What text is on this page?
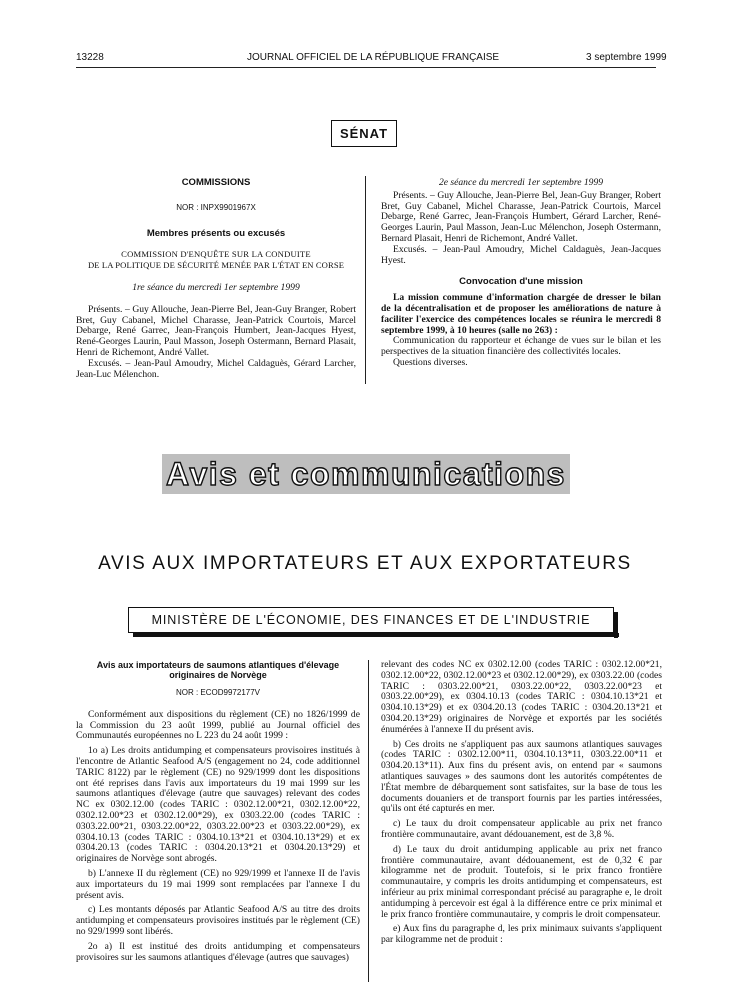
13228	JOURNAL OFFICIEL DE LA RÉPUBLIQUE FRANÇAISE	3 septembre 1999
SÉNAT
COMMISSIONS
NOR : INPX9901967X
Membres présents ou excusés
COMMISSION D'ENQUÊTE SUR LA CONDUITE
DE LA POLITIQUE DE SÉCURITÉ MENÉE PAR L'ÉTAT EN CORSE
1re séance du mercredi 1er septembre 1999

Présents. – Guy Allouche, Jean-Pierre Bel, Jean-Guy Branger, Robert Bret, Guy Cabanel, Michel Charasse, Jean-Patrick Courtois, Marcel Debarge, René Garrec, Jean-François Humbert, Jean-Jacques Hyest, René-Georges Laurin, Paul Masson, Joseph Ostermann, Bernard Plasait, Henri de Richemont, André Vallet.

Excusés. – Jean-Paul Amoudry, Michel Caldaguès, Gérard Larcher, Jean-Luc Mélenchon.

2e séance du mercredi 1er septembre 1999

Présents. – Guy Allouche, Jean-Pierre Bel, Jean-Guy Branger, Robert Bret, Guy Cabanel, Michel Charasse, Jean-Patrick Courtois, Marcel Debarge, René Garrec, Jean-François Humbert, Gérard Larcher, René-Georges Laurin, Paul Masson, Jean-Luc Mélenchon, Joseph Ostermann, Bernard Plasait, Henri de Richemont, André Vallet.

Excusés. – Jean-Paul Amoudry, Michel Caldaguès, Jean-Jacques Hyest.

Convocation d'une mission

La mission commune d'information chargée de dresser le bilan de la décentralisation et de proposer les améliorations de nature à faciliter l'exercice des compétences locales se réunira le mercredi 8 septembre 1999, à 10 heures (salle no 263) :

Communication du rapporteur et échange de vues sur le bilan et les perspectives de la situation financière des collectivités locales.

Questions diverses.

Avis et communications
AVIS AUX IMPORTATEURS ET AUX EXPORTATEURS
MINISTÈRE DE L'ÉCONOMIE, DES FINANCES ET DE L'INDUSTRIE
Avis aux importateurs de saumons atlantiques d'élevage
originaires de Norvège
NOR : ECOD9972177V

Conformément aux dispositions du règlement (CE) no 1826/1999 de la Commission du 23 août 1999, publié au Journal officiel des Communautés européennes no L 223 du 24 août 1999 :

1o a) Les droits antidumping et compensateurs provisoires institués à l'encontre de Atlantic Seafood A/S (engagement no 24, code additionnel TARIC 8122) par le règlement (CE) no 929/1999 dont les dispositions ont été reprises dans l'avis aux importateurs du 19 mai 1999 sur les saumons atlantiques d'élevage (autre que sauvages) relevant des codes NC ex 0302.12.00 (codes TARIC : 0302.12.00*21, 0302.12.00*22, 0302.12.00*23 et 0302.12.00*29), ex 0303.22.00 (codes TARIC : 0303.22.00*21, 0303.22.00*22, 0303.22.00*23 et 0303.22.00*29), ex 0304.10.13 (codes TARIC : 0304.10.13*21 et 0304.10.13*29) et ex 0304.20.13 (codes TARIC : 0304.20.13*21 et 0304.20.13*29) et originaires de Norvège sont abrogés.

b) L'annexe II du règlement (CE) no 929/1999 et l'annexe II de l'avis aux importateurs du 19 mai 1999 sont remplacées par l'annexe I du présent avis.

c) Les montants déposés par Atlantic Seafood A/S au titre des droits antidumping et compensateurs provisoires institués par le règlement (CE) no 929/1999 sont libérés.

2o a) Il est institué des droits antidumping et compensateurs provisoires sur les saumons atlantiques d'élevage (autres que sauvages)

relevant des codes NC ex 0302.12.00 (codes TARIC : 0302.12.00*21, 0302.12.00*22, 0302.12.00*23 et 0302.12.00*29), ex 0303.22.00 (codes TARIC : 0303.22.00*21, 0303.22.00*22, 0303.22.00*23 et 0303.22.00*29), ex 0304.10.13 (codes TARIC : 0304.10.13*21 et 0304.10.13*29) et ex 0304.20.13 (codes TARIC : 0304.20.13*21 et 0304.20.13*29) originaires de Norvège et exportés par les sociétés énumérées à l'annexe II du présent avis.

b) Ces droits ne s'appliquent pas aux saumons atlantiques sauvages (codes TARIC : 0302.12.00*11, 0304.10.13*11, 0303.22.00*11 et 0304.20.13*11). Aux fins du présent avis, on entend par « saumons atlantiques sauvages » des saumons dont les autorités compétentes de l'État membre de débarquement sont satisfaites, sur la base de tous les documents douaniers et de transport fournis par les parties intéressées, qu'ils ont été capturés en mer.

c) Le taux du droit compensateur applicable au prix net franco frontière communautaire, avant dédouanement, est de 3,8 %.

d) Le taux du droit antidumping applicable au prix net franco frontière communautaire, avant dédouanement, est de 0,32 € par kilogramme net de produit. Toutefois, si le prix franco frontière communautaire, y compris les droits antidumping et compensateurs, est inférieur au prix minimal correspondant précisé au paragraphe e, le droit antidumping à percevoir est égal à la différence entre ce prix minimal et le prix franco frontière communautaire, y compris le droit compensateur.

e) Aux fins du paragraphe d, les prix minimaux suivants s'appliquent par kilogramme net de produit :
